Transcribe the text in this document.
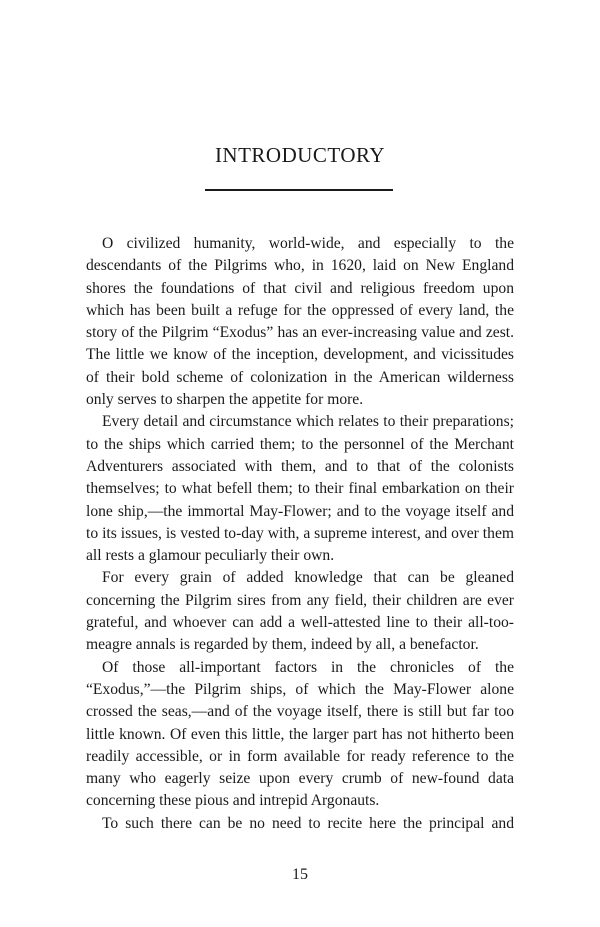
INTRODUCTORY

O civilized humanity, world-wide, and especially to the descendants of the Pilgrims who, in 1620, laid on New England shores the foundations of that civil and religious freedom upon which has been built a refuge for the oppressed of every land, the story of the Pilgrim “Exodus” has an ever-increasing value and zest. The little we know of the inception, development, and vicissitudes of their bold scheme of colonization in the American wilderness only serves to sharpen the appetite for more.

Every detail and circumstance which relates to their preparations; to the ships which carried them; to the personnel of the Merchant Adventurers associated with them, and to that of the colonists themselves; to what befell them; to their final embarkation on their lone ship,—the immortal May-Flower; and to the voyage itself and to its issues, is vested to-day with, a supreme interest, and over them all rests a glamour peculiarly their own.

For every grain of added knowledge that can be gleaned concerning the Pilgrim sires from any field, their children are ever grateful, and whoever can add a well-attested line to their all-too-meagre annals is regarded by them, indeed by all, a benefactor.

Of those all-important factors in the chronicles of the “Exodus,”—the Pilgrim ships, of which the May-Flower alone crossed the seas,—and of the voyage itself, there is still but far too little known. Of even this little, the larger part has not hitherto been readily accessible, or in form available for ready reference to the many who eagerly seize upon every crumb of new-found data concerning these pious and intrepid Argonauts.

To such there can be no need to recite here the principal and

15
